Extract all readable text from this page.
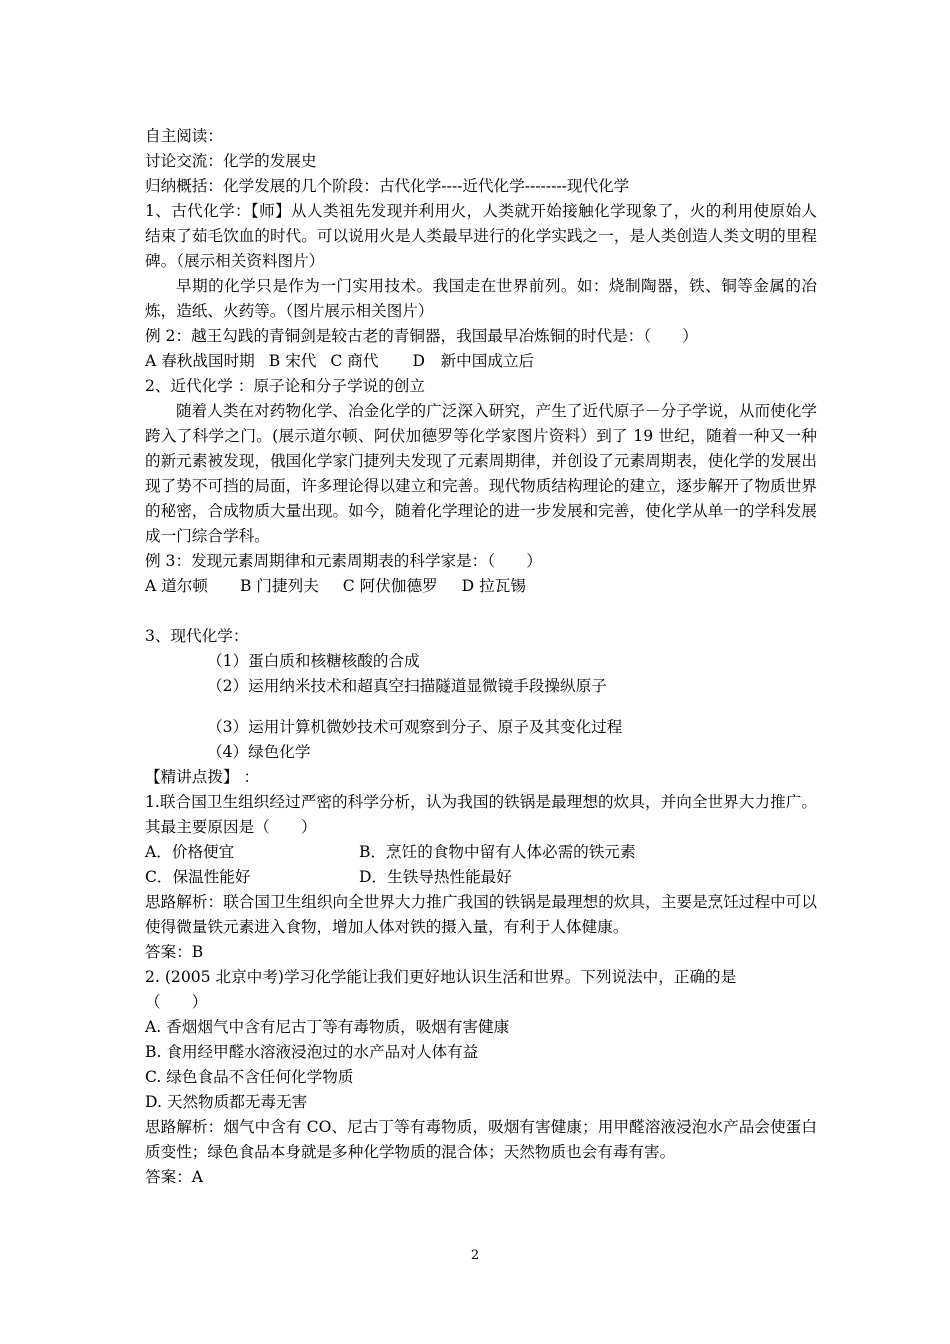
自主阅读：
讨论交流：化学的发展史
归纳概括：化学发展的几个阶段：古代化学----近代化学--------现代化学
1、古代化学：【师】从人类祖先发现并利用火，人类就开始接触化学现象了，火的利用使原始人结束了茹毛饮血的时代。可以说用火是人类最早进行的化学实践之一，是人类创造人类文明的里程碑。（展示相关资料图片）
早期的化学只是作为一门实用技术。我国走在世界前列。如：烧制陶器，铁、铜等金属的冶炼，造纸、火药等。（图片展示相关图片）
例 2：越王勾践的青铜剑是较古老的青铜器，我国最早冶炼铜的时代是：（　　）
A 春秋战国时期 B 宋代 C 商代 D　新中国成立后
2、近代化学 ：原子论和分子学说的创立
随着人类在对药物化学、冶金化学的广泛深入研究，产生了近代原子－分子学说，从而使化学跨入了科学之门。(展示道尔顿、阿伏加德罗等化学家图片资料）到了 19 世纪，随着一种又一种的新元素被发现，俄国化学家门捷列夫发现了元素周期律，并创设了元素周期表，使化学的发展出现了势不可挡的局面，许多理论得以建立和完善。现代物质结构理论的建立，逐步解开了物质世界的秘密，合成物质大量出现。如今，随着化学理论的进一步发展和完善，使化学从单一的学科发展成一门综合学科。
例 3：发现元素周期律和元素周期表的科学家是：（　　）
A 道尔顿 B 门捷列夫 C 阿伏伽德罗 D 拉瓦锡
3、现代化学：
（1）蛋白质和核糖核酸的合成
（2）运用纳米技术和超真空扫描隧道显微镜手段操纵原子
（3）运用计算机微妙技术可观察到分子、原子及其变化过程
（4）绿色化学
【精讲点拨】 ：
1.联合国卫生组织经过严密的科学分析，认为我国的铁锅是最理想的炊具，并向全世界大力推广。其最主要原因是（　　）
A．价格便宜	B．烹饪的食物中留有人体必需的铁元素
C．保温性能好	D．生铁导热性能最好
思路解析：联合国卫生组织向全世界大力推广我国的铁锅是最理想的炊具，主要是烹饪过程中可以使得微量铁元素进入食物，增加人体对铁的摄入量，有利于人体健康。
答案：B
2. (2005 北京中考)学习化学能让我们更好地认识生活和世界。下列说法中，正确的是
（　　）
A. 香烟烟气中含有尼古丁等有毒物质，吸烟有害健康
B. 食用经甲醛水溶液浸泡过的水产品对人体有益
C. 绿色食品不含任何化学物质
D. 天然物质都无毒无害
思路解析：烟气中含有 CO、尼古丁等有毒物质，吸烟有害健康；用甲醛溶液浸泡水产品会使蛋白质变性；绿色食品本身就是多种化学物质的混合体；天然物质也会有毒有害。
答案：A
2
